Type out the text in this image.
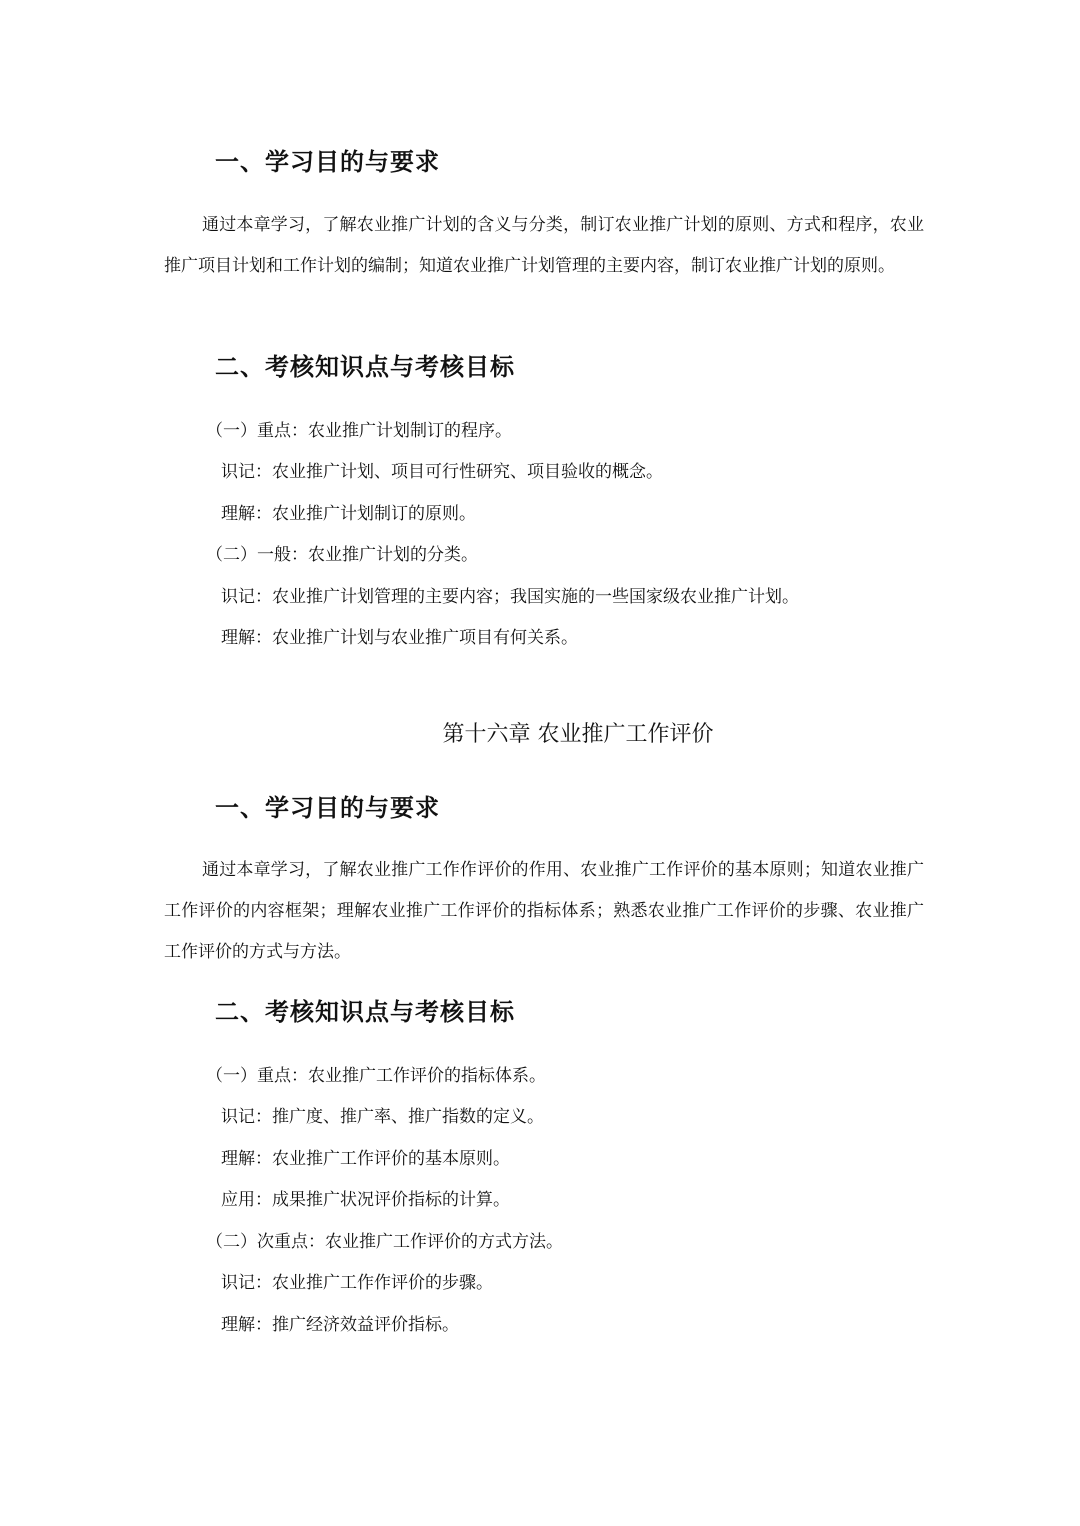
一、学习目的与要求
通过本章学习，了解农业推广计划的含义与分类，制订农业推广计划的原则、方式和程序，农业推广项目计划和工作计划的编制；知道农业推广计划管理的主要内容，制订农业推广计划的原则。
二、考核知识点与考核目标
（一）重点：农业推广计划制订的程序。
识记：农业推广计划、项目可行性研究、项目验收的概念。
理解：农业推广计划制订的原则。
（二）一般：农业推广计划的分类。
识记：农业推广计划管理的主要内容；我国实施的一些国家级农业推广计划。
理解：农业推广计划与农业推广项目有何关系。
第十六章 农业推广工作评价
一、学习目的与要求
通过本章学习，了解农业推广工作作评价的作用、农业推广工作评价的基本原则；知道农业推广工作评价的内容框架；理解农业推广工作评价的指标体系；熟悉农业推广工作评价的步骤、农业推广工作评价的方式与方法。
二、考核知识点与考核目标
（一）重点：农业推广工作评价的指标体系。
识记：推广度、推广率、推广指数的定义。
理解：农业推广工作评价的基本原则。
应用：成果推广状况评价指标的计算。
（二）次重点：农业推广工作评价的方式方法。
识记：农业推广工作作评价的步骤。
理解：推广经济效益评价指标。
